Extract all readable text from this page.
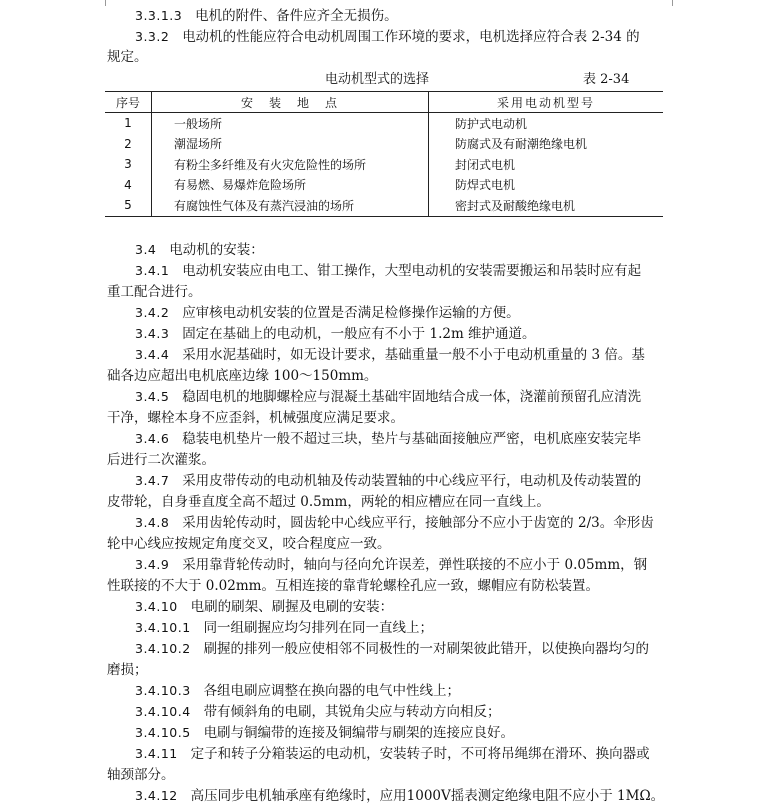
3.3.1.3 电机的附件、备件应齐全无损伤。
3.3.2 电动机的性能应符合电动机周围工作环境的要求，电机选择应符合表 2-34 的
规定。
电动机型式的选择	表 2-34
序号	安　装　地　点	采用电动机型号
1	一般场所	防护式电动机
2	潮湿场所	防腐式及有耐潮绝缘电机
3	有粉尘多纤维及有火灾危险性的场所	封闭式电机
4	有易燃、易爆炸危险场所	防焊式电机
5	有腐蚀性气体及有蒸汽浸油的场所	密封式及耐酸绝缘电机
3.4 电动机的安装：
3.4.1 电动机安装应由电工、钳工操作，大型电动机的安装需要搬运和吊装时应有起
重工配合进行。
3.4.2 应审核电动机安装的位置是否满足检修操作运输的方便。
3.4.3 固定在基础上的电动机，一般应有不小于 1.2m 维护通道。
3.4.4 采用水泥基础时，如无设计要求，基础重量一般不小于电动机重量的 3 倍。基
础各边应超出电机底座边缘 100～150mm。
3.4.5 稳固电机的地脚螺栓应与混凝土基础牢固地结合成一体，浇灌前预留孔应清洗
干净，螺栓本身不应歪斜，机械强度应满足要求。
3.4.6 稳装电机垫片一般不超过三块，垫片与基础面接触应严密，电机底座安装完毕
后进行二次灌浆。
3.4.7 采用皮带传动的电动机轴及传动装置轴的中心线应平行，电动机及传动装置的
皮带轮，自身垂直度全高不超过 0.5mm，两轮的相应槽应在同一直线上。
3.4.8 采用齿轮传动时，圆齿轮中心线应平行，接触部分不应小于齿宽的 2/3。伞形齿
轮中心线应按规定角度交叉，咬合程度应一致。
3.4.9 采用靠背轮传动时，轴向与径向允许误差，弹性联接的不应小于 0.05mm，钢
性联接的不大于 0.02mm。互相连接的靠背轮螺栓孔应一致，螺帽应有防松装置。
3.4.10 电刷的刷架、刷握及电刷的安装：
3.4.10.1 同一组刷握应均匀排列在同一直线上；
3.4.10.2 刷握的排列一般应使相邻不同极性的一对刷架彼此错开，以使换向器均匀的
磨损；
3.4.10.3 各组电刷应调整在换向器的电气中性线上；
3.4.10.4 带有倾斜角的电刷，其锐角尖应与转动方向相反；
3.4.10.5 电刷与铜编带的连接及铜编带与刷架的连接应良好。
3.4.11 定子和转子分箱装运的电动机，安装转子时，不可将吊绳绑在滑环、换向器或
轴颈部分。
3.4.12 高压同步电机轴承座有绝缘时，应用1000V摇表测定绝缘电阻不应小于 1MΩ。
